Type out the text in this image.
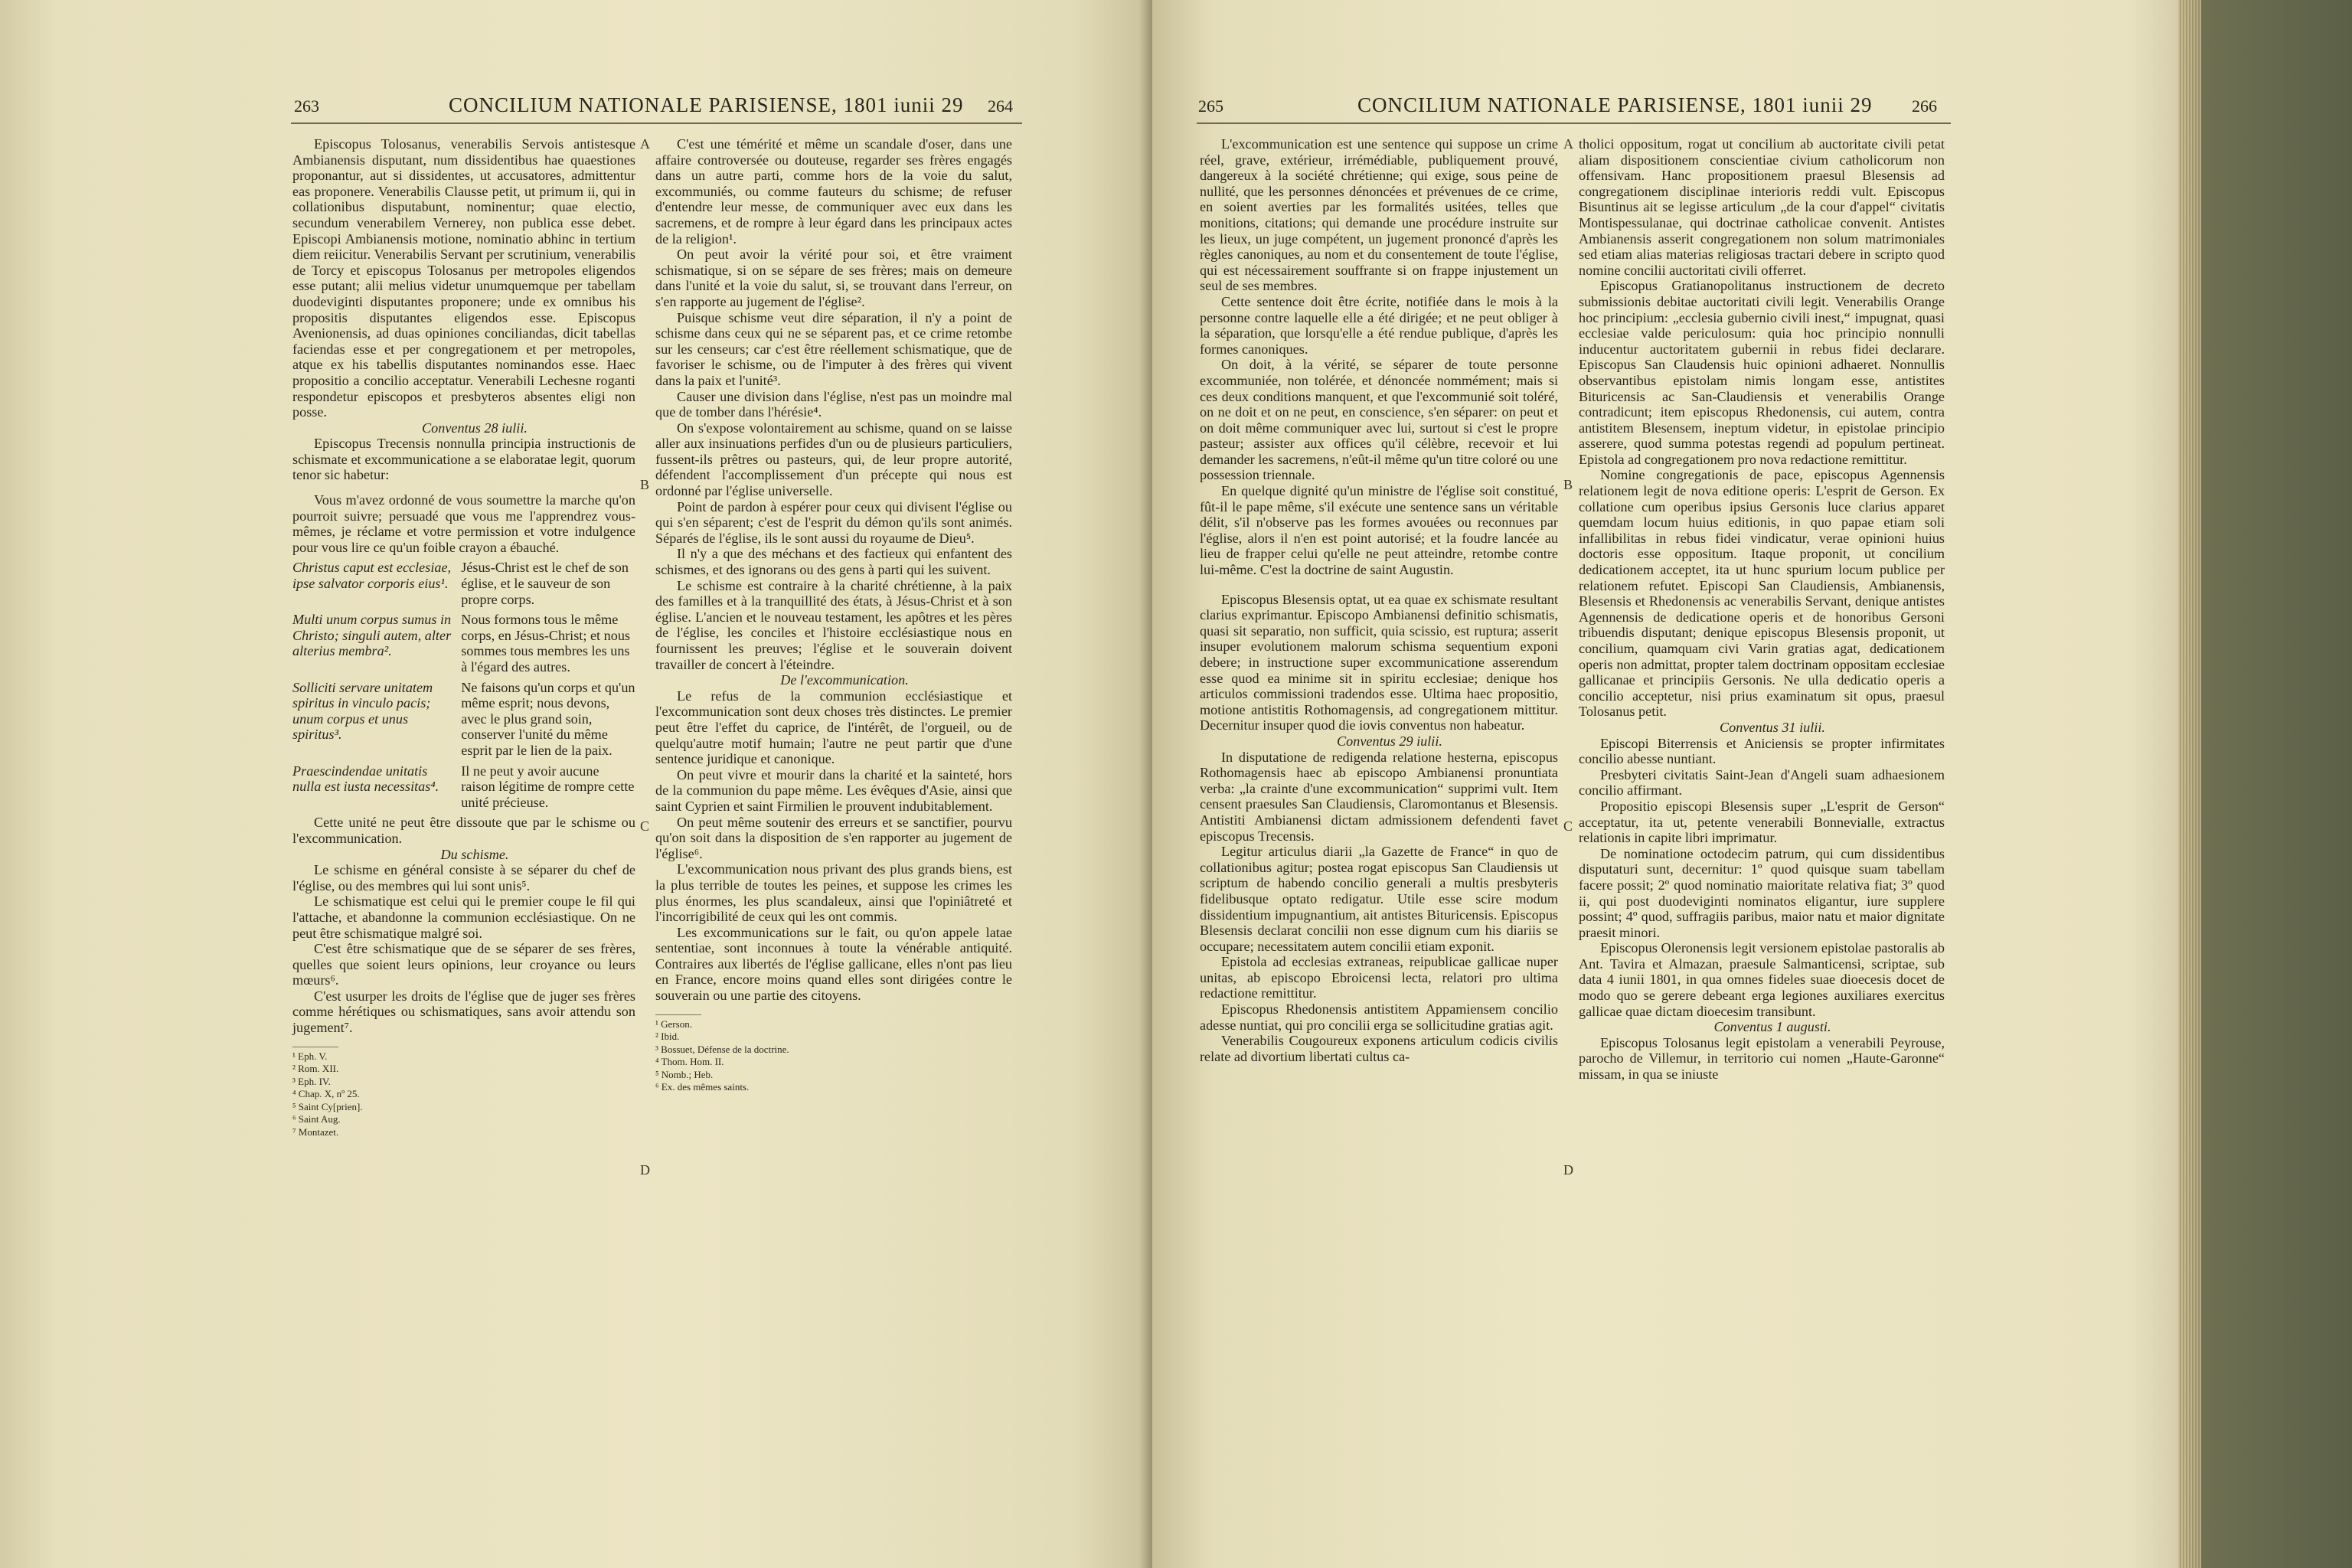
263	CONCILIUM NATIONALE PARISIENSE, 1801 iunii 29 264

Episcopus Tolosanus, venerabilis Servois antistesque Ambianensis disputant, num dissidentibus hae quaestiones proponantur, aut si dissidentes, ut accusatores, admittentur eas proponere. Venerabilis Clausse petit, ut primum ii, qui in collationibus disputabunt, nominentur; quae electio, secundum venerabilem Vernerey, non publica esse debet. Episcopi Ambianensis motione, nominatio abhinc in tertium diem reiicitur. Venerabilis Servant per scrutinium, venerabilis de Torcy et episcopus Tolosanus per metropoles eligendos esse putant; alii melius videtur unumquemque per tabellam duodeviginti disputantes proponere; unde ex omnibus his propositis disputantes eligendos esse. Episcopus Avenionensis, ad duas opiniones conciliandas, dicit tabellas faciendas esse et per congregationem et per metropoles, atque ex his tabellis disputantes nominandos esse. Haec propositio a concilio acceptatur. Venerabili Lechesne roganti respondetur episcopos et presbyteros absentes eligi non posse.

Conventus 28 iulii.

Episcopus Trecensis nonnulla principia instructionis de schismate et excommunicatione a se elaboratae legit, quorum tenor sic habetur:

Vous m'avez ordonné de vous soumettre la marche qu'on pourroit suivre; persuadé que vous me l'apprendrez vous-mêmes, je réclame et votre permission et votre indulgence pour vous lire ce qu'un foible crayon a ébauché.

Christus caput est ecclesiae, ipse salvator corporis eius¹.

Jésus-Christ est le chef de son église, et le sauveur de son propre corps.

Multi unum corpus sumus in Christo; singuli autem, alter alterius membra².

Nous formons tous le même corps, en Jésus-Christ; et nous sommes tous membres les uns à l'égard des autres.

Solliciti servare unitatem spiritus in vinculo pacis; unum corpus et unus spiritus³.

Ne faisons qu'un corps et qu'un même esprit; nous devons, avec le plus grand soin, conserver l'unité du même esprit par le lien de la paix.

Praescindendae unitatis nulla est iusta necessitas⁴.

Il ne peut y avoir aucune raison légitime de rompre cette unité précieuse.

Cette unité ne peut être dissoute que par le schisme ou l'excommunication.

Du schisme.

Le schisme en général consiste à se séparer du chef de l'église, ou des membres qui lui sont unis⁵.

Le schismatique est celui qui le premier coupe le fil qui l'attache, et abandonne la communion ecclésiastique. On ne peut être schismatique malgré soi.

C'est être schismatique que de se séparer de ses frères, quelles que soient leurs opinions, leur croyance ou leurs mœurs⁶.

C'est usurper les droits de l'église que de juger ses frères comme hérétiques ou schismatiques, sans avoir attendu son jugement⁷.

¹ Eph. V.
² Rom. XII.
³ Eph. IV.
⁴ Chap. X, nº 25.
⁵ Saint Cy[prien].
⁶ Saint Aug.
⁷ Montazet.
A
B
C
D

C'est une témérité et même un scandale d'oser, dans une affaire controversée ou douteuse, regarder ses frères engagés dans un autre parti, comme hors de la voie du salut, excommuniés, ou comme fauteurs du schisme; de refuser d'entendre leur messe, de communiquer avec eux dans les sacremens, et de rompre à leur égard dans les principaux actes de la religion¹.

On peut avoir la vérité pour soi, et être vraiment schismatique, si on se sépare de ses frères; mais on demeure dans l'unité et la voie du salut, si, se trouvant dans l'erreur, on s'en rapporte au jugement de l'église².

Puisque schisme veut dire séparation, il n'y a point de schisme dans ceux qui ne se séparent pas, et ce crime retombe sur les censeurs; car c'est être réellement schismatique, que de favoriser le schisme, ou de l'imputer à des frères qui vivent dans la paix et l'unité³.

Causer une division dans l'église, n'est pas un moindre mal que de tomber dans l'hérésie⁴.

On s'expose volontairement au schisme, quand on se laisse aller aux insinuations perfides d'un ou de plusieurs particuliers, fussent-ils prêtres ou pasteurs, qui, de leur propre autorité, défendent l'accomplissement d'un précepte qui nous est ordonné par l'église universelle.

Point de pardon à espérer pour ceux qui divisent l'église ou qui s'en séparent; c'est de l'esprit du démon qu'ils sont animés. Séparés de l'église, ils le sont aussi du royaume de Dieu⁵.

Il n'y a que des méchans et des factieux qui enfantent des schismes, et des ignorans ou des gens à parti qui les suivent.

Le schisme est contraire à la charité chrétienne, à la paix des familles et à la tranquillité des états, à Jésus-Christ et à son église. L'ancien et le nouveau testament, les apôtres et les pères de l'église, les conciles et l'histoire ecclésiastique nous en fournissent les preuves; l'église et le souverain doivent travailler de concert à l'éteindre.

De l'excommunication.

Le refus de la communion ecclésiastique et l'excommunication sont deux choses très distinctes. Le premier peut être l'effet du caprice, de l'intérêt, de l'orgueil, ou de quelqu'autre motif humain; l'autre ne peut partir que d'une sentence juridique et canonique.

On peut vivre et mourir dans la charité et la sainteté, hors de la communion du pape même. Les évêques d'Asie, ainsi que saint Cyprien et saint Firmilien le prouvent indubitablement.

On peut même soutenir des erreurs et se sanctifier, pourvu qu'on soit dans la disposition de s'en rapporter au jugement de l'église⁶.

L'excommunication nous privant des plus grands biens, est la plus terrible de toutes les peines, et suppose les crimes les plus énormes, les plus scandaleux, ainsi que l'opiniâtreté et l'incorrigibilité de ceux qui les ont commis.

Les excommunications sur le fait, ou qu'on appele latae sententiae, sont inconnues à toute la vénérable antiquité. Contraires aux libertés de l'église gallicane, elles n'ont pas lieu en France, encore moins quand elles sont dirigées contre le souverain ou une partie des citoyens.

¹ Gerson.
² Ibid.
³ Bossuet, Défense de la doctrine.
⁴ Thom. Hom. II.
⁵ Nomb.; Heb.
⁶ Ex. des mêmes saints.
265	CONCILIUM NATIONALE PARISIENSE, 1801 iunii 29 266

L'excommunication est une sentence qui suppose un crime réel, grave, extérieur, irrémédiable, publiquement prouvé, dangereux à la société chrétienne; qui exige, sous peine de nullité, que les personnes dénoncées et prévenues de ce crime, en soient averties par les formalités usitées, telles que monitions, citations; qui demande une procédure instruite sur les lieux, un juge compétent, un jugement prononcé d'après les règles canoniques, au nom et du consentement de toute l'église, qui est nécessairement souffrante si on frappe injustement un seul de ses membres.

Cette sentence doit être écrite, notifiée dans le mois à la personne contre laquelle elle a été dirigée; et ne peut obliger à la séparation, que lorsqu'elle a été rendue publique, d'après les formes canoniques.

On doit, à la vérité, se séparer de toute personne excommuniée, non tolérée, et dénoncée nommément; mais si ces deux conditions manquent, et que l'excommunié soit toléré, on ne doit et on ne peut, en conscience, s'en séparer: on peut et on doit même communiquer avec lui, surtout si c'est le propre pasteur; assister aux offices qu'il célèbre, recevoir et lui demander les sacremens, n'eût-il même qu'un titre coloré ou une possession triennale.

En quelque dignité qu'un ministre de l'église soit constitué, fût-il le pape même, s'il exécute une sentence sans un véritable délit, s'il n'observe pas les formes avouées ou reconnues par l'église, alors il n'en est point autorisé; et la foudre lancée au lieu de frapper celui qu'elle ne peut atteindre, retombe contre lui-même. C'est la doctrine de saint Augustin.

Episcopus Blesensis optat, ut ea quae ex schismate resultant clarius exprimantur. Episcopo Ambianensi definitio schismatis, quasi sit separatio, non sufficit, quia scissio, est ruptura; asserit insuper evolutionem malorum schisma sequentium exponi debere; in instructione super excommunicatione asserendum esse quod ea minime sit in spiritu ecclesiae; denique hos articulos commissioni tradendos esse. Ultima haec propositio, motione antistitis Rothomagensis, ad congregationem mittitur. Decernitur insuper quod die iovis conventus non habeatur.

Conventus 29 iulii.

In disputatione de redigenda relatione hesterna, episcopus Rothomagensis haec ab episcopo Ambianensi pronuntiata verba: „la crainte d'une excommunication“ supprimi vult. Item censent praesules San Claudiensis, Claromontanus et Blesensis. Antistiti Ambianensi dictam admissionem defendenti favet episcopus Trecensis.

Legitur articulus diarii „la Gazette de France“ in quo de collationibus agitur; postea rogat episcopus San Claudiensis ut scriptum de habendo concilio generali a multis presbyteris fidelibusque optato redigatur. Utile esse scire modum dissidentium impugnantium, ait antistes Bituricensis. Episcopus Blesensis declarat concilii non esse dignum cum his diariis se occupare; necessitatem autem concilii etiam exponit.

Epistola ad ecclesias extraneas, reipublicae gallicae nuper unitas, ab episcopo Ebroicensi lecta, relatori pro ultima redactione remittitur.

Episcopus Rhedonensis antistitem Appamiensem concilio adesse nuntiat, qui pro concilii erga se sollicitudine gratias agit.

Venerabilis Cougoureux exponens articulum codicis civilis relate ad divortium libertati cultus ca-

A
B
C
D

tholici oppositum, rogat ut concilium ab auctoritate civili petat aliam dispositionem conscientiae civium catholicorum non offensivam. Hanc propositionem praesul Blesensis ad congregationem disciplinae interioris reddi vult. Episcopus Bisuntinus ait se legisse articulum „de la cour d'appel“ civitatis Montispessulanae, qui doctrinae catholicae convenit. Antistes Ambianensis asserit congregationem non solum matrimoniales sed etiam alias materias religiosas tractari debere in scripto quod nomine concilii auctoritati civili offerret.

Episcopus Gratianopolitanus instructionem de decreto submissionis debitae auctoritati civili legit. Venerabilis Orange hoc principium: „ecclesia gubernio civili inest,“ impugnat, quasi ecclesiae valde periculosum: quia hoc principio nonnulli inducentur auctoritatem gubernii in rebus fidei declarare. Episcopus San Claudensis huic opinioni adhaeret. Nonnullis observantibus epistolam nimis longam esse, antistites Bituricensis ac San-Claudiensis et venerabilis Orange contradicunt; item episcopus Rhedonensis, cui autem, contra antistitem Blesensem, ineptum videtur, in epistolae principio asserere, quod summa potestas regendi ad populum pertineat. Epistola ad congregationem pro nova redactione remittitur.

Nomine congregationis de pace, episcopus Agennensis relationem legit de nova editione operis: L'esprit de Gerson. Ex collatione cum operibus ipsius Gersonis luce clarius apparet quemdam locum huius editionis, in quo papae etiam soli infallibilitas in rebus fidei vindicatur, verae opinioni huius doctoris esse oppositum. Itaque proponit, ut concilium dedicationem acceptet, ita ut hunc spurium locum publice per relationem refutet. Episcopi San Claudiensis, Ambianensis, Blesensis et Rhedonensis ac venerabilis Servant, denique antistes Agennensis de dedicatione operis et de honoribus Gersoni tribuendis disputant; denique episcopus Blesensis proponit, ut concilium, quamquam civi Varin gratias agat, dedicationem operis non admittat, propter talem doctrinam oppositam ecclesiae gallicanae et principiis Gersonis. Ne ulla dedicatio operis a concilio acceptetur, nisi prius examinatum sit opus, praesul Tolosanus petit.

Conventus 31 iulii.

Episcopi Biterrensis et Aniciensis se propter infirmitates concilio abesse nuntiant.

Presbyteri civitatis Saint-Jean d'Angeli suam adhaesionem concilio affirmant.

Propositio episcopi Blesensis super „L'esprit de Gerson“ acceptatur, ita ut, petente venerabili Bonnevialle, extractus relationis in capite libri imprimatur.

De nominatione octodecim patrum, qui cum dissidentibus disputaturi sunt, decernitur: 1º quod quisque suam tabellam facere possit; 2º quod nominatio maioritate relativa fiat; 3º quod ii, qui post duodeviginti nominatos eligantur, iure supplere possint; 4º quod, suffragiis paribus, maior natu et maior dignitate praesit minori.

Episcopus Oleronensis legit versionem epistolae pastoralis ab Ant. Tavira et Almazan, praesule Salmanticensi, scriptae, sub data 4 iunii 1801, in qua omnes fideles suae dioecesis docet de modo quo se gerere debeant erga legiones auxiliares exercitus gallicae quae dictam dioecesim transibunt.

Conventus 1 augusti.

Episcopus Tolosanus legit epistolam a venerabili Peyrouse, parocho de Villemur, in territorio cui nomen „Haute-Garonne“ missam, in qua se iniuste
